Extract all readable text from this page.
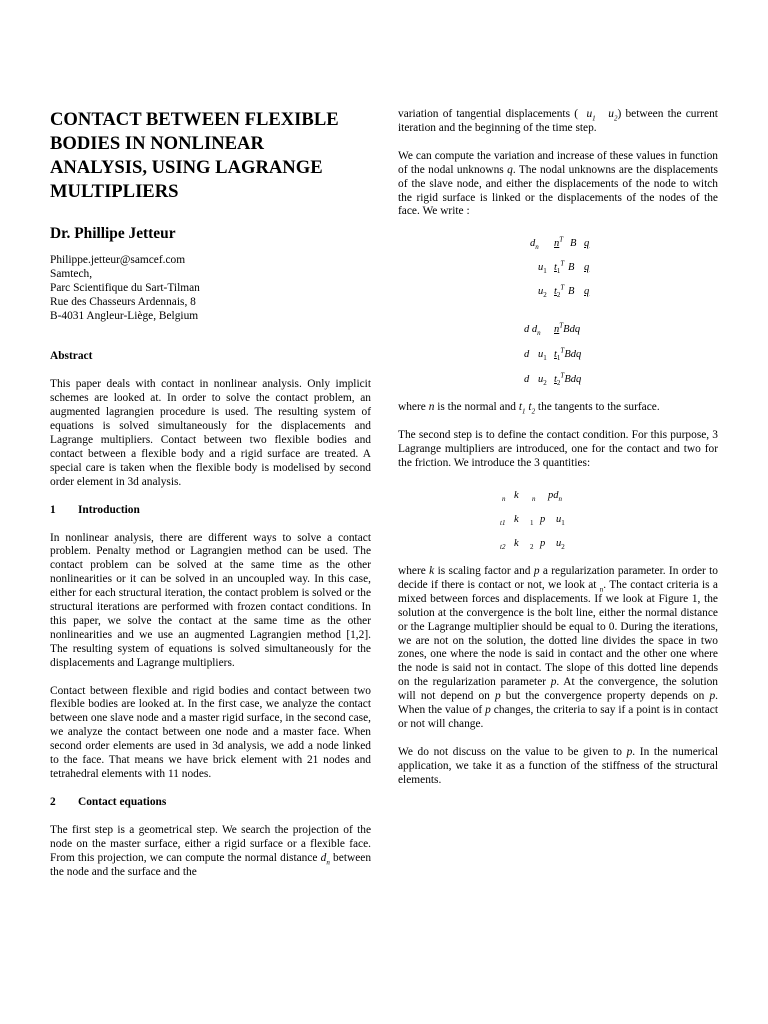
CONTACT BETWEEN FLEXIBLE BODIES IN NONLINEAR ANALYSIS, USING LAGRANGE MULTIPLIERS

Dr. Phillipe Jetteur

Philippe.jetteur@samcef.com

Samtech,

Parc Scientifique du Sart-Tilman

Rue des Chasseurs Ardennais, 8

B-4031 Angleur-Liège, Belgium

Abstract

This paper deals with contact in nonlinear analysis. Only implicit schemes are looked at. In order to solve the contact problem, an augmented lagrangien procedure is used. The resulting system of equations is solved simultaneously for the displacements and Lagrange multipliers. Contact between two flexible bodies and contact between a flexible body and a rigid surface are treated. A special care is taken when the flexible body is modelised by second order element in 3d analysis.

1 Introduction

In nonlinear analysis, there are different ways to solve a contact problem. Penalty method or Lagrangien method can be used. The contact problem can be solved at the same time as the other nonlinearities or it can be solved in an uncoupled way. In this case, either for each structural iteration, the contact problem is solved or the structural iterations are performed with frozen contact conditions. In this paper, we solve the contact at the same time as the other nonlinearities and we use an augmented Lagrangien method [1,2]. The resulting system of equations is solved simultaneously for the displacements and Lagrange multipliers.

Contact between flexible and rigid bodies and contact between two flexible bodies are looked at. In the first case, we analyze the contact between one slave node and a master rigid surface, in the second case, we analyze the contact between one node and a master face. When second order elements are used in 3d analysis, we add a node linked to the face. That means we have brick element with 21 nodes and tetrahedral elements with 11 nodes.

2 Contact equations

The first step is a geometrical step. We search the projection of the node on the master surface, either a rigid surface or a flexible face. From this projection, we can compute the normal distance $d_n$ between the node and the surface and the

variation of tangential displacements ( $u_1$ $u_2$) between the current iteration and the beginning of the time step.

We can compute the variation and increase of these values in function of the nodal unknowns q. The nodal unknowns are the displacements of the slave node, and either the displacements of the node to witch the rigid surface is linked or the displacements of the nodes of the face. We write :

$d_n$ $n^T$ B q
$u_1$ $t_1^T$ B q
$u_2$ $t_2^T$ B q
d $d_n$ $n^TBdq$
d $u_1$ $t_1^TBdq$
d $u_2$ $t_2^TBdq$

where n is the normal and $t_1$ $t_2$ the tangents to the surface.

The second step is to define the contact condition. For this purpose, 3 Lagrange multipliers are introduced, one for the contact and two for the friction. We introduce the 3 quantities:

$_n$ k $_n$ $pd_n$
$_{t1}$ k $_1$ p $u_1$
$_{t2}$ k $_2$ p $u_2$

where k is scaling factor and p a regularization parameter. In order to decide if there is contact or not, we look at $_n$. The contact criteria is a mixed between forces and displacements. If we look at Figure 1, the solution at the convergence is the bolt line, either the normal distance or the Lagrange multiplier should be equal to 0. During the iterations, we are not on the solution, the dotted line divides the space in two zones, one where the node is said in contact and the other one where the node is said not in contact. The slope of this dotted line depends on the regularization parameter p. At the convergence, the solution will not depend on p but the convergence property depends on p. When the value of p changes, the criteria to say if a point is in contact or not will change.

We do not discuss on the value to be given to p. In the numerical application, we take it as a function of the stiffness of the structural elements.
